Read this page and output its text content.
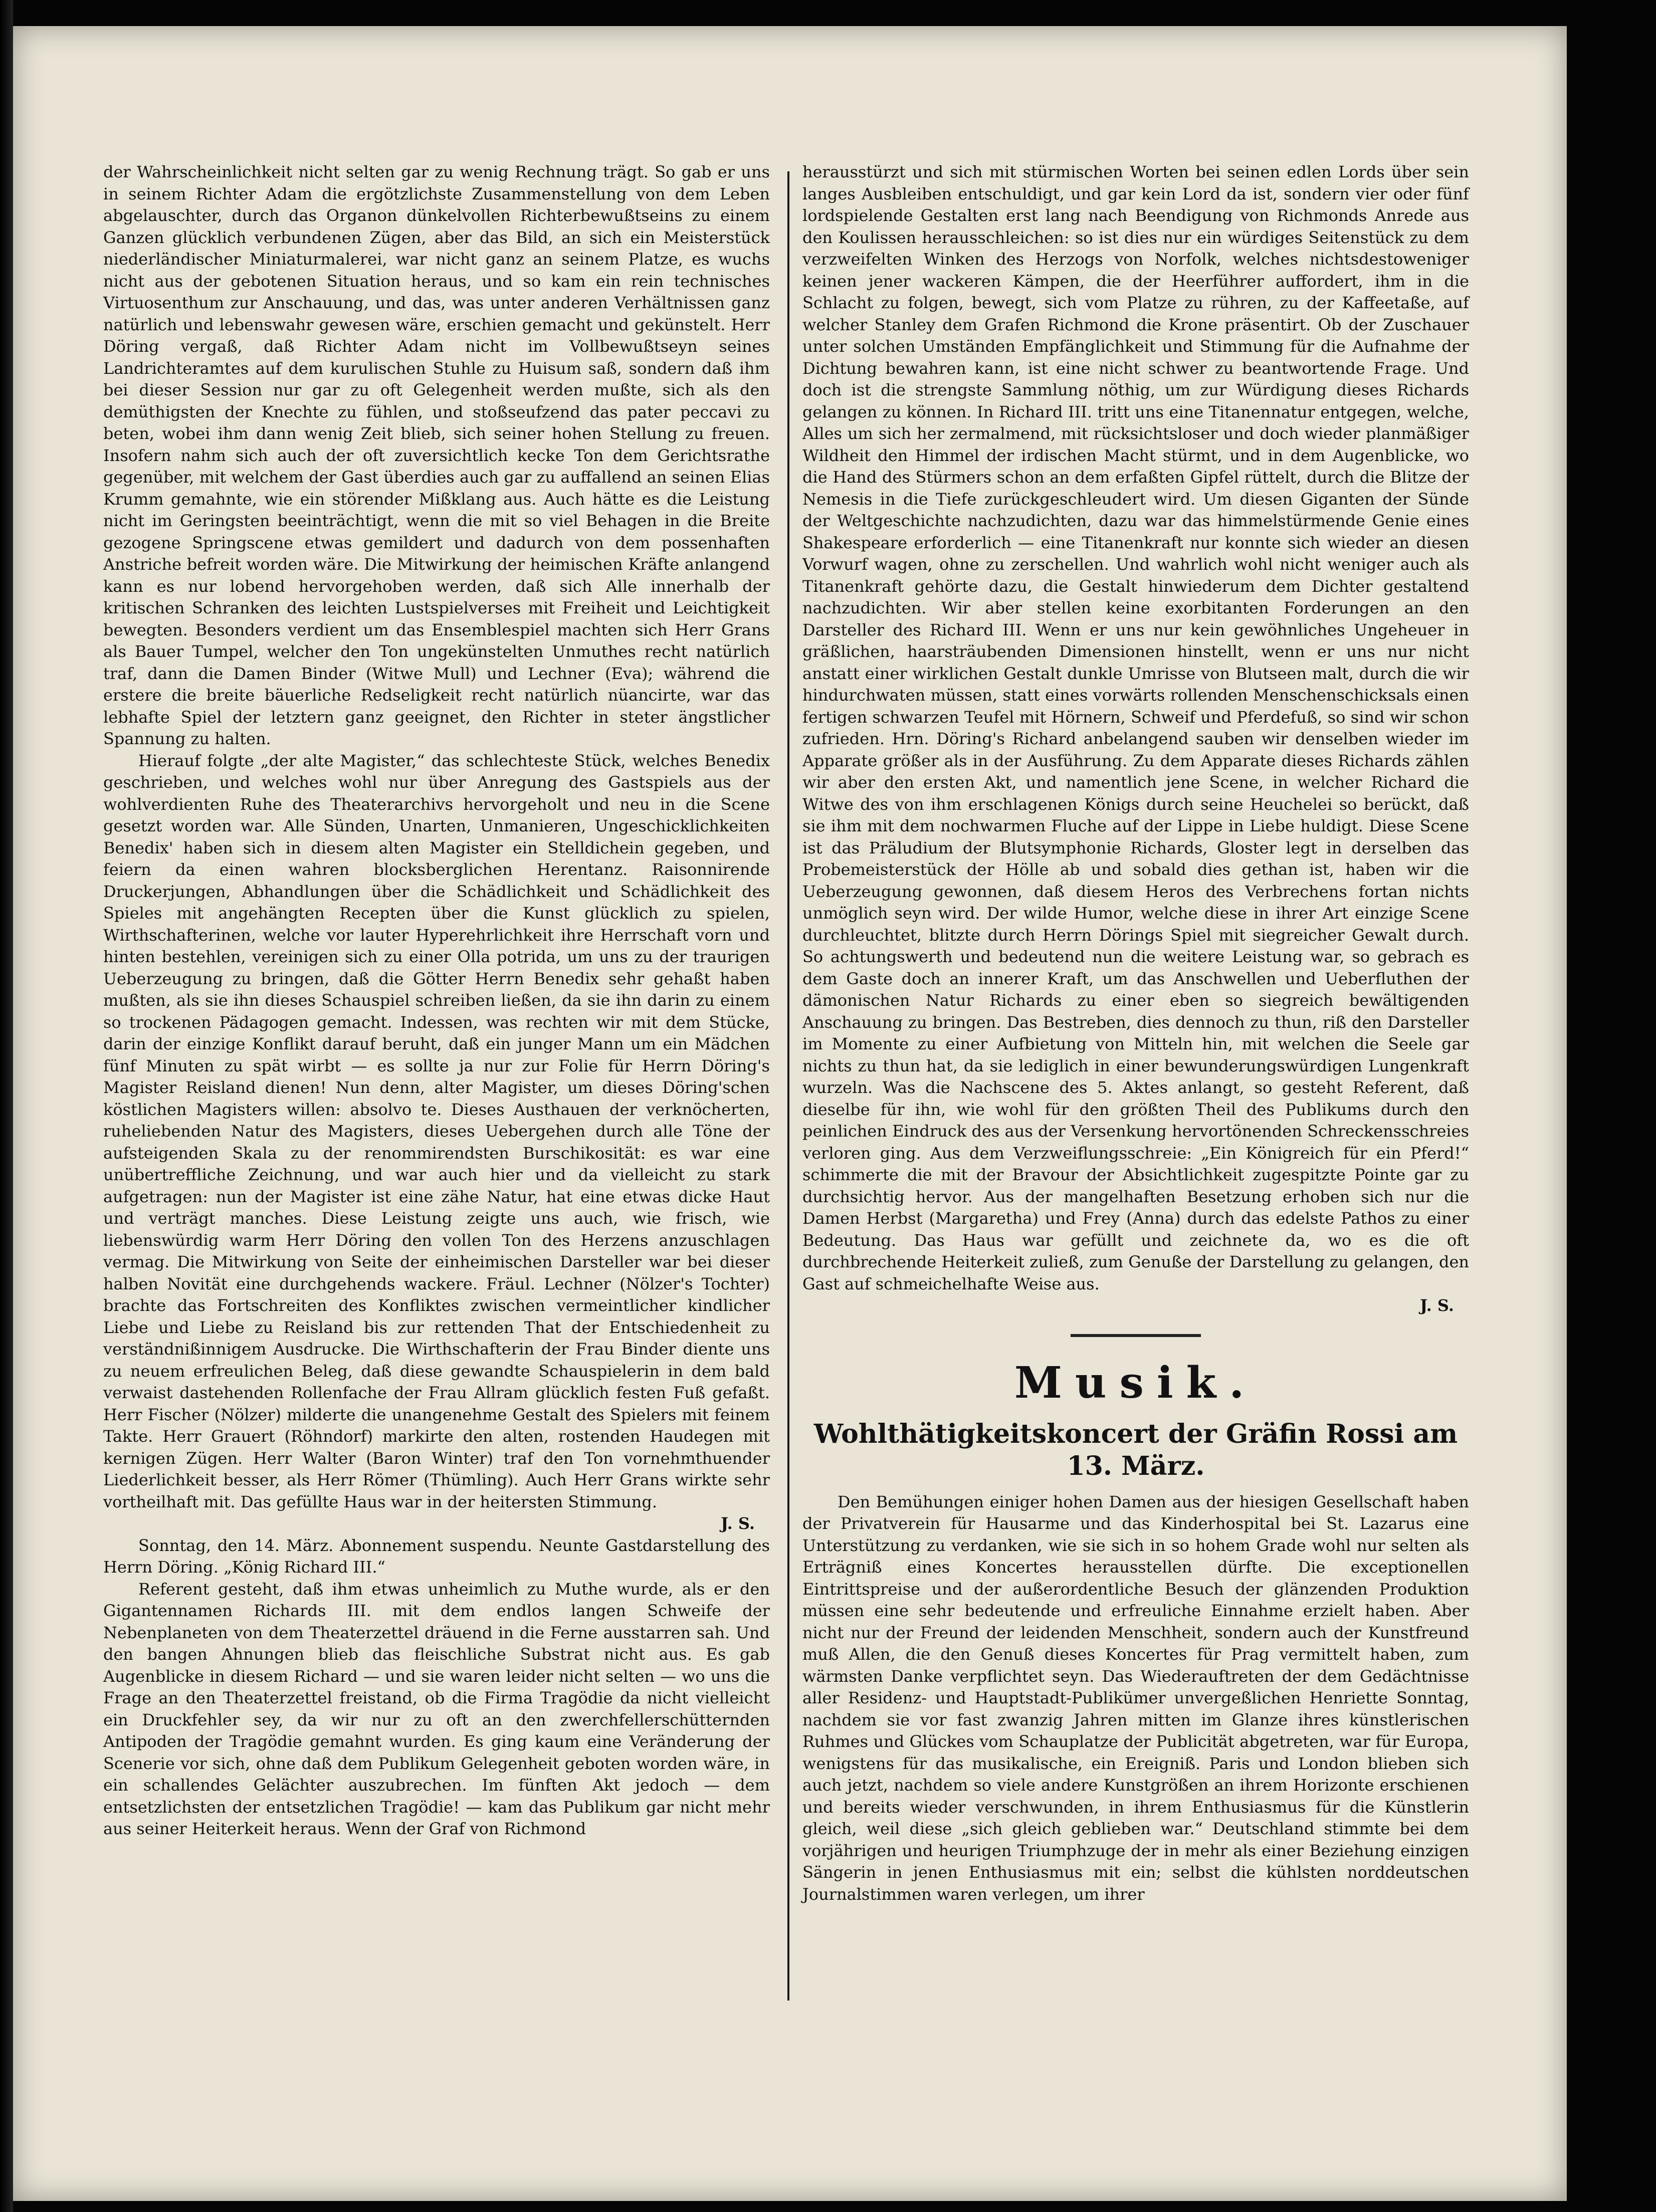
der Wahrscheinlichkeit nicht selten gar zu wenig Rechnung trägt. So gab er uns in seinem Richter Adam die ergötzlichste Zusammenstellung von dem Leben abgelauschter, durch das Organon dünkelvollen Richterbewußtseins zu einem Ganzen glücklich verbundenen Zügen, aber das Bild, an sich ein Meisterstück niederländischer Miniaturmalerei, war nicht ganz an seinem Platze, es wuchs nicht aus der gebotenen Situation heraus, und so kam ein rein technisches Virtuosenthum zur Anschauung, und das, was unter anderen Verhältnissen ganz natürlich und lebenswahr gewesen wäre, erschien gemacht und gekünstelt. Herr Döring vergaß, daß Richter Adam nicht im Vollbewußtseyn seines Landrichteramtes auf dem kurulischen Stuhle zu Huisum saß, sondern daß ihm bei dieser Session nur gar zu oft Gelegenheit werden mußte, sich als den demüthigsten der Knechte zu fühlen, und stoßseufzend das pater peccavi zu beten, wobei ihm dann wenig Zeit blieb, sich seiner hohen Stellung zu freuen. Insofern nahm sich auch der oft zuversichtlich kecke Ton dem Gerichtsrathe gegenüber, mit welchem der Gast überdies auch gar zu auffallend an seinen Elias Krumm gemahnte, wie ein störender Mißklang aus. Auch hätte es die Leistung nicht im Geringsten beeinträchtigt, wenn die mit so viel Behagen in die Breite gezogene Springscene etwas gemildert und dadurch von dem possenhaften Anstriche befreit worden wäre. Die Mitwirkung der heimischen Kräfte anlangend kann es nur lobend hervorgehoben werden, daß sich Alle innerhalb der kritischen Schranken des leichten Lustspielverses mit Freiheit und Leichtigkeit bewegten. Besonders verdient um das Ensemblespiel machten sich Herr Grans als Bauer Tumpel, welcher den Ton ungekünstelten Unmuthes recht natürlich traf, dann die Damen Binder (Witwe Mull) und Lechner (Eva); während die erstere die breite bäuerliche Redseligkeit recht natürlich nüancirte, war das lebhafte Spiel der letztern ganz geeignet, den Richter in steter ängstlicher Spannung zu halten.

Hierauf folgte „der alte Magister,“ das schlechteste Stück, welches Benedix geschrieben, und welches wohl nur über Anregung des Gastspiels aus der wohlverdienten Ruhe des Theaterarchivs hervorgeholt und neu in die Scene gesetzt worden war. Alle Sünden, Unarten, Unmanieren, Ungeschicklichkeiten Benedix' haben sich in diesem alten Magister ein Stelldichein gegeben, und feiern da einen wahren blocksberglichen Herentanz. Raisonnirende Druckerjungen, Abhandlungen über die Schädlichkeit und Schädlichkeit des Spieles mit angehängten Recepten über die Kunst glücklich zu spielen, Wirthschafterinen, welche vor lauter Hyperehrlichkeit ihre Herrschaft vorn und hinten bestehlen, vereinigen sich zu einer Olla potrida, um uns zu der traurigen Ueberzeugung zu bringen, daß die Götter Herrn Benedix sehr gehaßt haben mußten, als sie ihn dieses Schauspiel schreiben ließen, da sie ihn darin zu einem so trockenen Pädagogen gemacht. Indessen, was rechten wir mit dem Stücke, darin der einzige Konflikt darauf beruht, daß ein junger Mann um ein Mädchen fünf Minuten zu spät wirbt — es sollte ja nur zur Folie für Herrn Döring's Magister Reisland dienen! Nun denn, alter Magister, um dieses Döring'schen köstlichen Magisters willen: absolvo te. Dieses Austhauen der verknöcherten, ruheliebenden Natur des Magisters, dieses Uebergehen durch alle Töne der aufsteigenden Skala zu der renommirendsten Burschikosität: es war eine unübertreffliche Zeichnung, und war auch hier und da vielleicht zu stark aufgetragen: nun der Magister ist eine zähe Natur, hat eine etwas dicke Haut und verträgt manches. Diese Leistung zeigte uns auch, wie frisch, wie liebenswürdig warm Herr Döring den vollen Ton des Herzens anzuschlagen vermag. Die Mitwirkung von Seite der einheimischen Darsteller war bei dieser halben Novität eine durchgehends wackere. Fräul. Lechner (Nölzer's Tochter) brachte das Fortschreiten des Konfliktes zwischen vermeintlicher kindlicher Liebe und Liebe zu Reisland bis zur rettenden That der Entschiedenheit zu verständnißinnigem Ausdrucke. Die Wirthschafterin der Frau Binder diente uns zu neuem erfreulichen Beleg, daß diese gewandte Schauspielerin in dem bald verwaist dastehenden Rollenfache der Frau Allram glücklich festen Fuß gefaßt. Herr Fischer (Nölzer) milderte die unangenehme Gestalt des Spielers mit feinem Takte. Herr Grauert (Röhndorf) markirte den alten, rostenden Haudegen mit kernigen Zügen. Herr Walter (Baron Winter) traf den Ton vornehmthuender Liederlichkeit besser, als Herr Römer (Thümling). Auch Herr Grans wirkte sehr vortheilhaft mit. Das gefüllte Haus war in der heitersten Stimmung.

J. S.

Sonntag, den 14. März. Abonnement suspendu. Neunte Gastdarstellung des Herrn Döring. „König Richard III.“

Referent gesteht, daß ihm etwas unheimlich zu Muthe wurde, als er den Gigantennamen Richards III. mit dem endlos langen Schweife der Nebenplaneten von dem Theaterzettel dräuend in die Ferne ausstarren sah. Und den bangen Ahnungen blieb das fleischliche Substrat nicht aus. Es gab Augenblicke in diesem Richard — und sie waren leider nicht selten — wo uns die Frage an den Theaterzettel freistand, ob die Firma Tragödie da nicht vielleicht ein Druckfehler sey, da wir nur zu oft an den zwerchfellerschütternden Antipoden der Tragödie gemahnt wurden. Es ging kaum eine Veränderung der Scenerie vor sich, ohne daß dem Publikum Gelegenheit geboten worden wäre, in ein schallendes Gelächter auszubrechen. Im fünften Akt jedoch — dem entsetzlichsten der entsetzlichen Tragödie! — kam das Publikum gar nicht mehr aus seiner Heiterkeit heraus. Wenn der Graf von Richmond

herausstürzt und sich mit stürmischen Worten bei seinen edlen Lords über sein langes Ausbleiben entschuldigt, und gar kein Lord da ist, sondern vier oder fünf lordspielende Gestalten erst lang nach Beendigung von Richmonds Anrede aus den Koulissen herausschleichen: so ist dies nur ein würdiges Seitenstück zu dem verzweifelten Winken des Herzogs von Norfolk, welches nichtsdestoweniger keinen jener wackeren Kämpen, die der Heerführer auffordert, ihm in die Schlacht zu folgen, bewegt, sich vom Platze zu rühren, zu der Kaffeetaße, auf welcher Stanley dem Grafen Richmond die Krone präsentirt. Ob der Zuschauer unter solchen Umständen Empfänglichkeit und Stimmung für die Aufnahme der Dichtung bewahren kann, ist eine nicht schwer zu beantwortende Frage. Und doch ist die strengste Sammlung nöthig, um zur Würdigung dieses Richards gelangen zu können. In Richard III. tritt uns eine Titanennatur entgegen, welche, Alles um sich her zermalmend, mit rücksichtsloser und doch wieder planmäßiger Wildheit den Himmel der irdischen Macht stürmt, und in dem Augenblicke, wo die Hand des Stürmers schon an dem erfaßten Gipfel rüttelt, durch die Blitze der Nemesis in die Tiefe zurückgeschleudert wird. Um diesen Giganten der Sünde der Weltgeschichte nachzudichten, dazu war das himmelstürmende Genie eines Shakespeare erforderlich — eine Titanenkraft nur konnte sich wieder an diesen Vorwurf wagen, ohne zu zerschellen. Und wahrlich wohl nicht weniger auch als Titanenkraft gehörte dazu, die Gestalt hinwiederum dem Dichter gestaltend nachzudichten. Wir aber stellen keine exorbitanten Forderungen an den Darsteller des Richard III. Wenn er uns nur kein gewöhnliches Ungeheuer in gräßlichen, haarsträubenden Dimensionen hinstellt, wenn er uns nur nicht anstatt einer wirklichen Gestalt dunkle Umrisse von Blutseen malt, durch die wir hindurchwaten müssen, statt eines vorwärts rollenden Menschenschicksals einen fertigen schwarzen Teufel mit Hörnern, Schweif und Pferdefuß, so sind wir schon zufrieden. Hrn. Döring's Richard anbelangend sauben wir denselben wieder im Apparate größer als in der Ausführung. Zu dem Apparate dieses Richards zählen wir aber den ersten Akt, und namentlich jene Scene, in welcher Richard die Witwe des von ihm erschlagenen Königs durch seine Heuchelei so berückt, daß sie ihm mit dem nochwarmen Fluche auf der Lippe in Liebe huldigt. Diese Scene ist das Präludium der Blutsymphonie Richards, Gloster legt in derselben das Probemeisterstück der Hölle ab und sobald dies gethan ist, haben wir die Ueberzeugung gewonnen, daß diesem Heros des Verbrechens fortan nichts unmöglich seyn wird. Der wilde Humor, welche diese in ihrer Art einzige Scene durchleuchtet, blitzte durch Herrn Dörings Spiel mit siegreicher Gewalt durch. So achtungswerth und bedeutend nun die weitere Leistung war, so gebrach es dem Gaste doch an innerer Kraft, um das Anschwellen und Ueberfluthen der dämonischen Natur Richards zu einer eben so siegreich bewältigenden Anschauung zu bringen. Das Bestreben, dies dennoch zu thun, riß den Darsteller im Momente zu einer Aufbietung von Mitteln hin, mit welchen die Seele gar nichts zu thun hat, da sie lediglich in einer bewunderungswürdigen Lungenkraft wurzeln. Was die Nachscene des 5. Aktes anlangt, so gesteht Referent, daß dieselbe für ihn, wie wohl für den größten Theil des Publikums durch den peinlichen Eindruck des aus der Versenkung hervortönenden Schreckensschreies verloren ging. Aus dem Verzweiflungsschreie: „Ein Königreich für ein Pferd!“ schimmerte die mit der Bravour der Absichtlichkeit zugespitzte Pointe gar zu durchsichtig hervor. Aus der mangelhaften Besetzung erhoben sich nur die Damen Herbst (Margaretha) und Frey (Anna) durch das edelste Pathos zu einer Bedeutung. Das Haus war gefüllt und zeichnete da, wo es die oft durchbrechende Heiterkeit zuließ, zum Genuße der Darstellung zu gelangen, den Gast auf schmeichelhafte Weise aus.

J. S.
Musik.
Wohlthätigkeitskoncert der Gräfin Rossi am 13. März.

Den Bemühungen einiger hohen Damen aus der hiesigen Gesellschaft haben der Privatverein für Hausarme und das Kinderhospital bei St. Lazarus eine Unterstützung zu verdanken, wie sie sich in so hohem Grade wohl nur selten als Erträgniß eines Koncertes herausstellen dürfte. Die exceptionellen Eintrittspreise und der außerordentliche Besuch der glänzenden Produktion müssen eine sehr bedeutende und erfreuliche Einnahme erzielt haben. Aber nicht nur der Freund der leidenden Menschheit, sondern auch der Kunstfreund muß Allen, die den Genuß dieses Koncertes für Prag vermittelt haben, zum wärmsten Danke verpflichtet seyn. Das Wiederauftreten der dem Gedächtnisse aller Residenz- und Hauptstadt-Publikümer unvergeßlichen Henriette Sonntag, nachdem sie vor fast zwanzig Jahren mitten im Glanze ihres künstlerischen Ruhmes und Glückes vom Schauplatze der Publicität abgetreten, war für Europa, wenigstens für das musikalische, ein Ereigniß. Paris und London blieben sich auch jetzt, nachdem so viele andere Kunstgrößen an ihrem Horizonte erschienen und bereits wieder verschwunden, in ihrem Enthusiasmus für die Künstlerin gleich, weil diese „sich gleich geblieben war.“ Deutschland stimmte bei dem vorjährigen und heurigen Triumphzuge der in mehr als einer Beziehung einzigen Sängerin in jenen Enthusiasmus mit ein; selbst die kühlsten norddeutschen Journalstimmen waren verlegen, um ihrer
